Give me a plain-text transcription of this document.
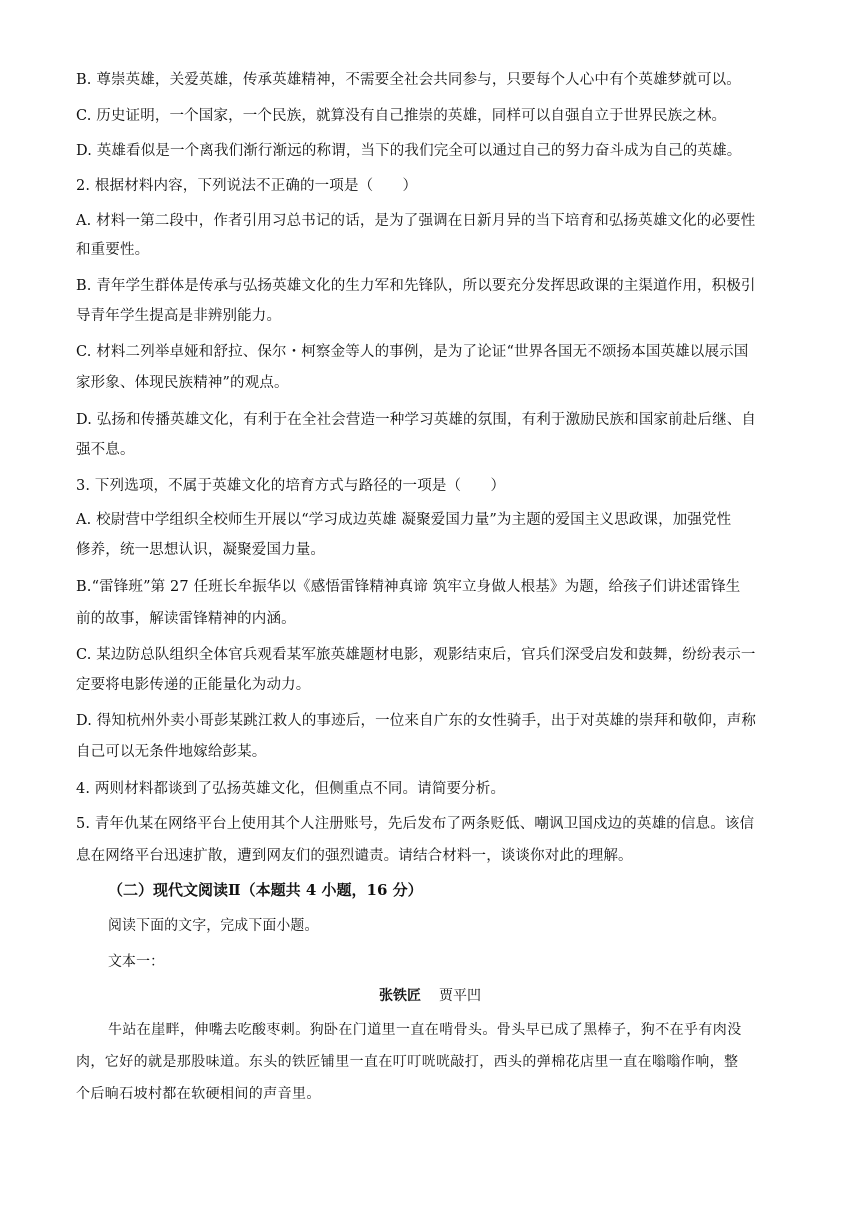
B. 尊崇英雄，关爱英雄，传承英雄精神，不需要全社会共同参与，只要每个人心中有个英雄梦就可以。
C. 历史证明，一个国家，一个民族，就算没有自己推崇的英雄，同样可以自强自立于世界民族之林。
D. 英雄看似是一个离我们渐行渐远的称谓，当下的我们完全可以通过自己的努力奋斗成为自己的英雄。
2. 根据材料内容，下列说法不正确的一项是（　　）
A. 材料一第二段中，作者引用习总书记的话，是为了强调在日新月异的当下培育和弘扬英雄文化的必要性
和重要性。
B. 青年学生群体是传承与弘扬英雄文化的生力军和先锋队，所以要充分发挥思政课的主渠道作用，积极引
导青年学生提高是非辨别能力。
C. 材料二列举卓娅和舒拉、保尔・柯察金等人的事例，是为了论证“世界各国无不颂扬本国英雄以展示国
家形象、体现民族精神”的观点。
D. 弘扬和传播英雄文化，有利于在全社会营造一种学习英雄的氛围，有利于激励民族和国家前赴后继、自
强不息。
3. 下列选项，不属于英雄文化的培育方式与路径的一项是（　　）
A. 校尉营中学组织全校师生开展以“学习成边英雄 凝聚爱国力量”为主题的爱国主义思政课，加强党性
修养，统一思想认识，凝聚爱国力量。
B.“雷锋班”第 27 任班长牟振华以《感悟雷锋精神真谛 筑牢立身做人根基》为题，给孩子们讲述雷锋生
前的故事，解读雷锋精神的内涵。
C. 某边防总队组织全体官兵观看某军旅英雄题材电影，观影结束后，官兵们深受启发和鼓舞，纷纷表示一
定要将电影传递的正能量化为动力。
D. 得知杭州外卖小哥彭某跳江救人的事迹后，一位来自广东的女性骑手，出于对英雄的崇拜和敬仰，声称
自己可以无条件地嫁给彭某。
4. 两则材料都谈到了弘扬英雄文化，但侧重点不同。请简要分析。
5. 青年仇某在网络平台上使用其个人注册账号，先后发布了两条贬低、嘲讽卫国戍边的英雄的信息。该信
息在网络平台迅速扩散，遭到网友们的强烈谴责。请结合材料一，谈谈你对此的理解。
（二）现代文阅读Ⅱ（本题共 4 小题，16 分）
阅读下面的文字，完成下面小题。
文本一：
张铁匠 贾平凹
牛站在崖畔，伸嘴去吃酸枣刺。狗卧在门道里一直在啃骨头。骨头早已成了黑棒子，狗不在乎有肉没
肉，它好的就是那股味道。东头的铁匠铺里一直在叮叮咣咣敲打，西头的弹棉花店里一直在嗡嗡作响，整
个后晌石坡村都在软硬相间的声音里。
